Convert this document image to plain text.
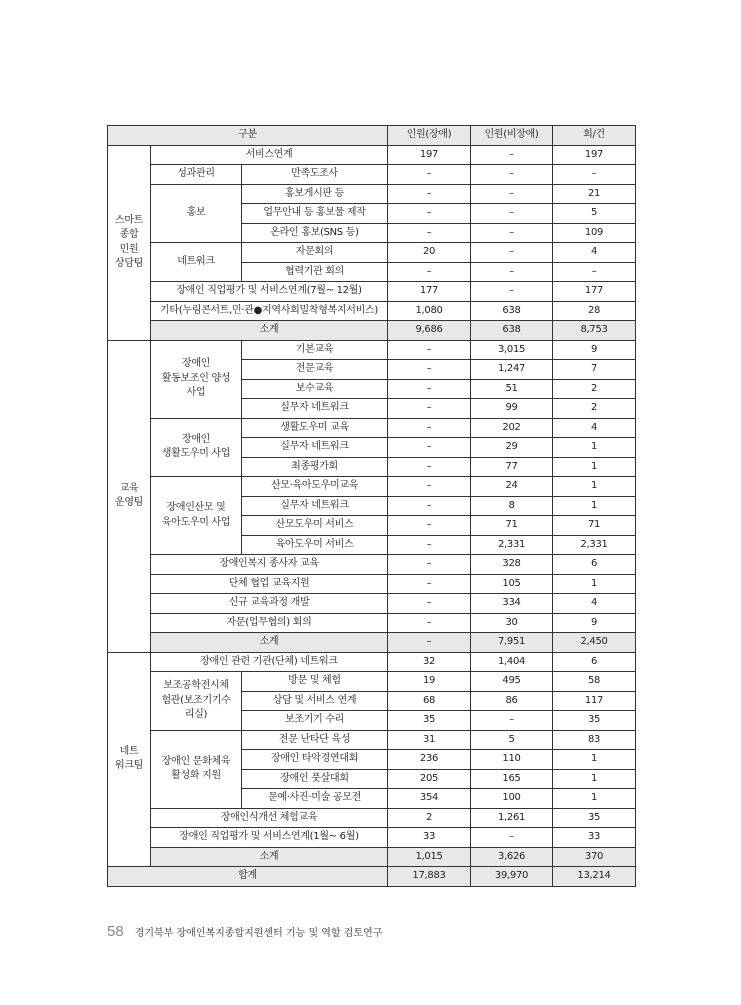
구분			인원(장애)	인원(비장애)	회/건
스마트
종합
민원
상담팀	서비스연계		197	–	197
	성과관리	만족도조사	–	–	–
	홍보	홍보게시판 등	–	–	21
		업무안내 등 홍보물 제작	–	–	5
		온라인 홍보(SNS 등)	–	–	109
	네트워크	자문회의	20	–	4
		협력기관 회의	–	–	–
	장애인 직업평가 및 서비스연계(7월~ 12월)		177	–	177
	기타(누림콘서트,민·관●지역사회밀착형복지서비스)		1,080	638	28
	소계		9,686	638	8,753
교육
운영팀	장애인
활동보조인 양성
사업	기본교육	–	3,015	9
		전문교육	–	1,247	7
		보수교육	–	51	2
		실무자 네트워크	–	99	2
	장애인
생활도우미 사업	생활도우미 교육	–	202	4
		실무자 네트워크	–	29	1
		최종평가회	–	77	1
	장애인산모 및
육아도우미 사업	산모·육아도우미교육	–	24	1
		실무자 네트워크	–	8	1
		산모도우미 서비스	–	71	71
		육아도우미 서비스	–	2,331	2,331
	장애인복지 종사자 교육		–	328	6
	단체 협업 교육지원		–	105	1
	신규 교육과정 개발		–	334	4
	자문(업무협의) 회의		–	30	9
	소계		–	7,951	2,450
네트
워크팀	장애인 관련 기관(단체) 네트워크		32	1,404	6
	보조공학전시체
험관(보조기기수
리실)	방문 및 체험	19	495	58
		상담 및 서비스 연계	68	86	117
		보조기기 수리	35	–	35
	장애인 문화체육
활성화 지원	전문 난타단 육성	31	5	83
		장애인 타악경연대회	236	110	1
		장애인 풋살대회	205	165	1
		문예·사진·미술 공모전	354	100	1
	장애인식개선 체험교육		2	1,261	35
	장애인 직업평가 및 서비스연계(1월~ 6월)		33	–	33
	소계		1,015	3,626	370
합계			17,883	39,970	13,214
58 경기북부 장애인복지종합지원센터 기능 및 역할 검토연구
